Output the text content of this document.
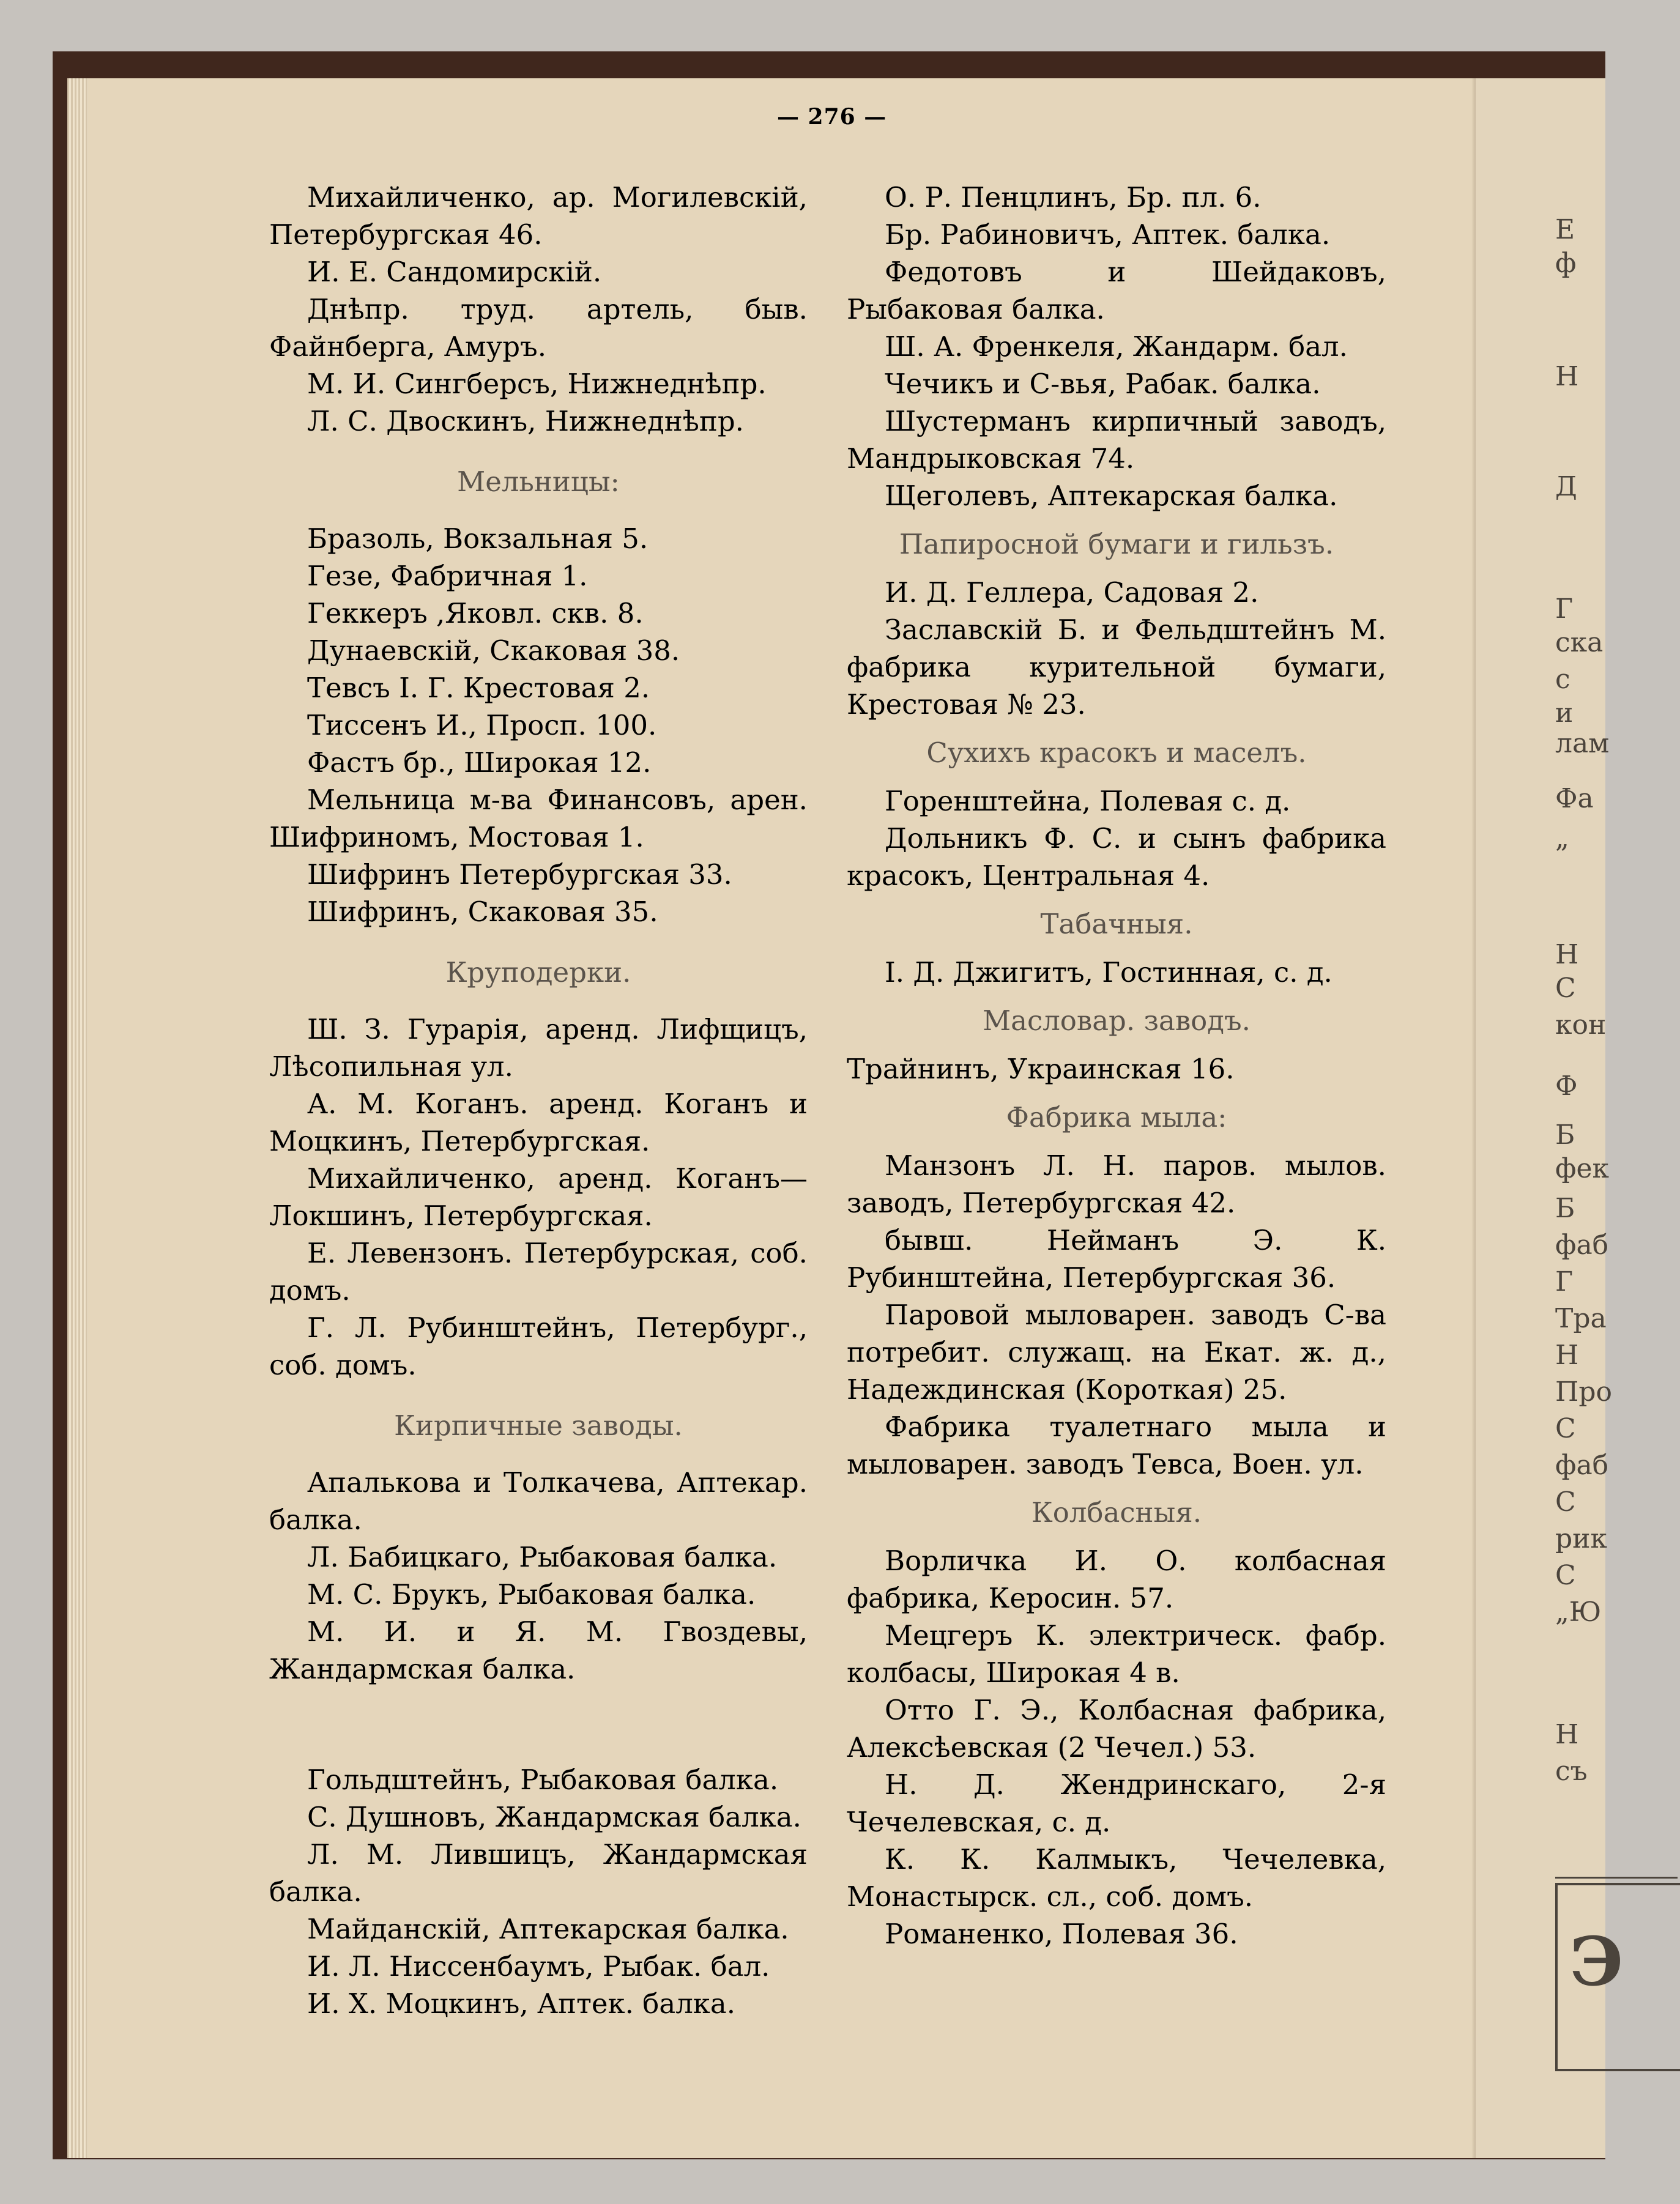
Е
ф
Н
Д
Г
ска
с
и
лам
Фа
„
Н
С
кон
Ф
Б
фек
Б
фаб
Г
Тра
Н
Про
С
фаб
С
рик
С
„Ю
Н
съ
Э
— 276 —

Михайличенко, ар. Могилевскій, Петербургская 46.

И. Е. Сандомирскій.

Днѣпр. труд. артель, быв. Файнберга, Амуръ.

М. И. Сингберсъ, Нижнеднѣпр.

Л. С. Двоскинъ, Нижнеднѣпр.

Мельницы:

Бразоль, Вокзальная 5.

Гезе, Фабричная 1.

Геккеръ ,Яковл. скв. 8.

Дунаевскій, Скаковая 38.

Тевсъ І. Г. Крестовая 2.

Тиссенъ И., Просп. 100.

Фастъ бр., Широкая 12.

Мельница м-ва Финансовъ, арен. Шифриномъ, Мостовая 1.

Шифринъ Петербургская 33.

Шифринъ, Скаковая 35.

Круподерки.

Ш. З. Гурарія, аренд. Лифщицъ, Лѣсопильная ул.

А. М. Коганъ. аренд. Коганъ и Моцкинъ, Петербургская.

Михайличенко, аренд. Коганъ—Локшинъ, Петербургская.

Е. Левензонъ. Петербурская, соб. домъ.

Г. Л. Рубинштейнъ, Петербург., соб. домъ.

Кирпичные заводы.

Апалькова и Толкачева, Аптекар. балка.

Л. Бабицкаго, Рыбаковая балка.

М. С. Брукъ, Рыбаковая балка.

М. И. и Я. М. Гвоздевы, Жандармская балка.

Гольдштейнъ, Рыбаковая балка.

С. Душновъ, Жандармская балка.

Л. М. Лившицъ, Жандармская балка.

Майданскій, Аптекарская балка.

И. Л. Ниссенбаумъ, Рыбак. бал.

И. Х. Моцкинъ, Аптек. балка.

О. Р. Пенцлинъ, Бр. пл. 6.

Бр. Рабиновичъ, Аптек. балка.

Федотовъ и Шейдаковъ, Рыбаковая балка.

Ш. А. Френкеля, Жандарм. бал.

Чечикъ и С-вья, Рабак. балка.

Шустерманъ кирпичный заводъ, Мандрыковская 74.

Щеголевъ, Аптекарская балка.

Папиросной бумаги и гильзъ.

И. Д. Геллера, Садовая 2.

Заславскій Б. и Фельдштейнъ М. фабрика курительной бумаги, Крестовая № 23.

Сухихъ красокъ и маселъ.

Горенштейна, Полевая с. д.

Дольникъ Ф. С. и сынъ фабрика красокъ, Центральная 4.

Табачныя.

І. Д. Джигитъ, Гостинная, с. д.

Масловар. заводъ.

Трайнинъ, Украинская 16.

Фабрика мыла:

Манзонъ Л. Н. паров. мылов. заводъ, Петербургская 42.

бывш. Нейманъ Э. К. Рубинштейна, Петербургская 36.

Паровой мыловарен. заводъ С-ва потребит. служащ. на Екат. ж. д., Надеждинская (Короткая) 25.

Фабрика туалетнаго мыла и мыловарен. заводъ Тевса, Воен. ул.

Колбасныя.

Ворличка И. О. колбасная фабрика, Керосин. 57.

Мецгеръ К. электрическ. фабр. колбасы, Широкая 4 в.

Отто Г. Э., Колбасная фабрика, Алексѣевская (2 Чечел.) 53.

Н. Д. Жендринскаго, 2-я Чечелевская, с. д.

К. К. Калмыкъ, Чечелевка, Монастырск. сл., соб. домъ.

Романенко, Полевая 36.
